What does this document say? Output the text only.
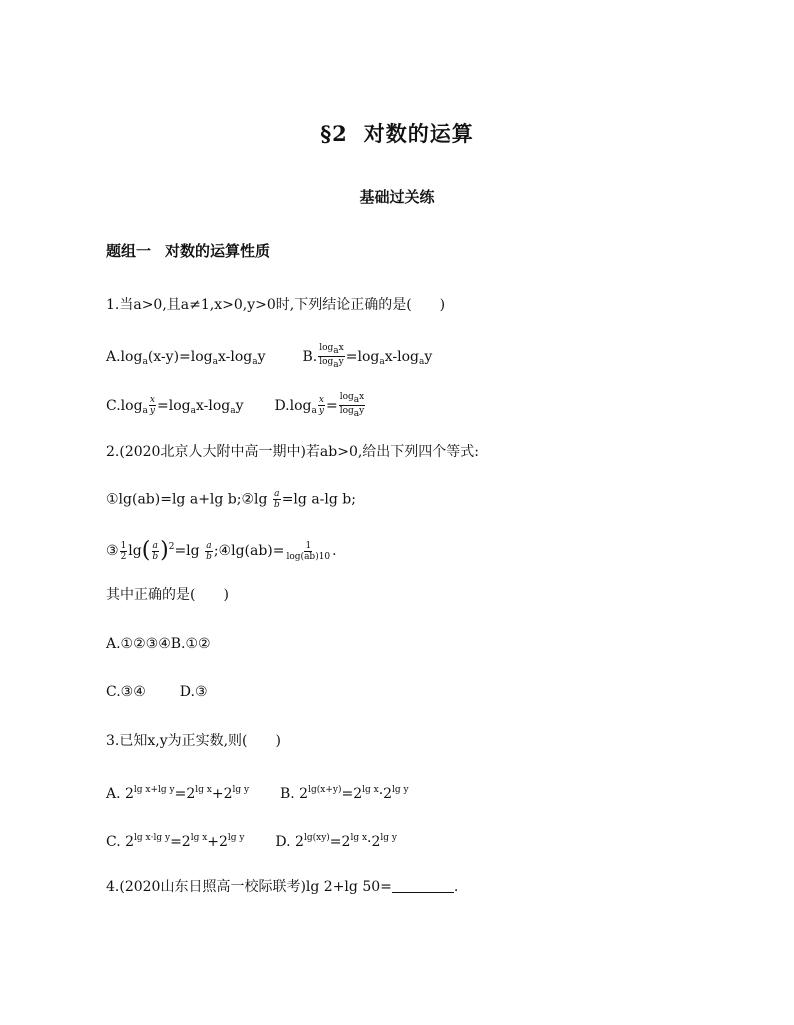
§2 对数的运算
基础过关练
题组一 对数的运算性质
1.当a>0,且a≠1,x>0,y>0时,下列结论正确的是(　　)
$A.\log_a(x-y)=\log_ax-\log_ay$	B. $\frac{\log_ax}{\log_ay} =\log_ax-\log_ay$
$C.\log_a \frac{x}{y} =\log_ax-\log_ay$ $D.\log_a \frac{x}{y} = \frac{\log_ax}{\log_ay}$
2.(2020北京人大附中高一期中)若ab>0,给出下列四个等式:
①lg(ab)=lg a+lg b;②lg $\frac{a}{b} =\lg$ a-lg b;
③ $\frac{1}{2} \lg( \frac{a}{b} )^2=\lg \frac{a}{b}$ ;④lg(ab)= $\frac{1}{\log(ab)10}$ .
其中正确的是(　　)
A.①②③④B.①②
C.③④ D.③
3.已知x,y为正实数,则(　　)
A. $2^{lg x+lg y}=2^{lg x}+2^{lg y}$ B. $2^{lg(x+y)}=2^{lg x}\cdot 2^{lg y}$
C. $2^{lg x\cdot lg y}=2^{lg x}+2^{lg y}$ D. $2^{lg(xy)}=2^{lg x}\cdot 2^{lg y}$
4.(2020山东日照高一校际联考)lg 2+lg 50=	.
